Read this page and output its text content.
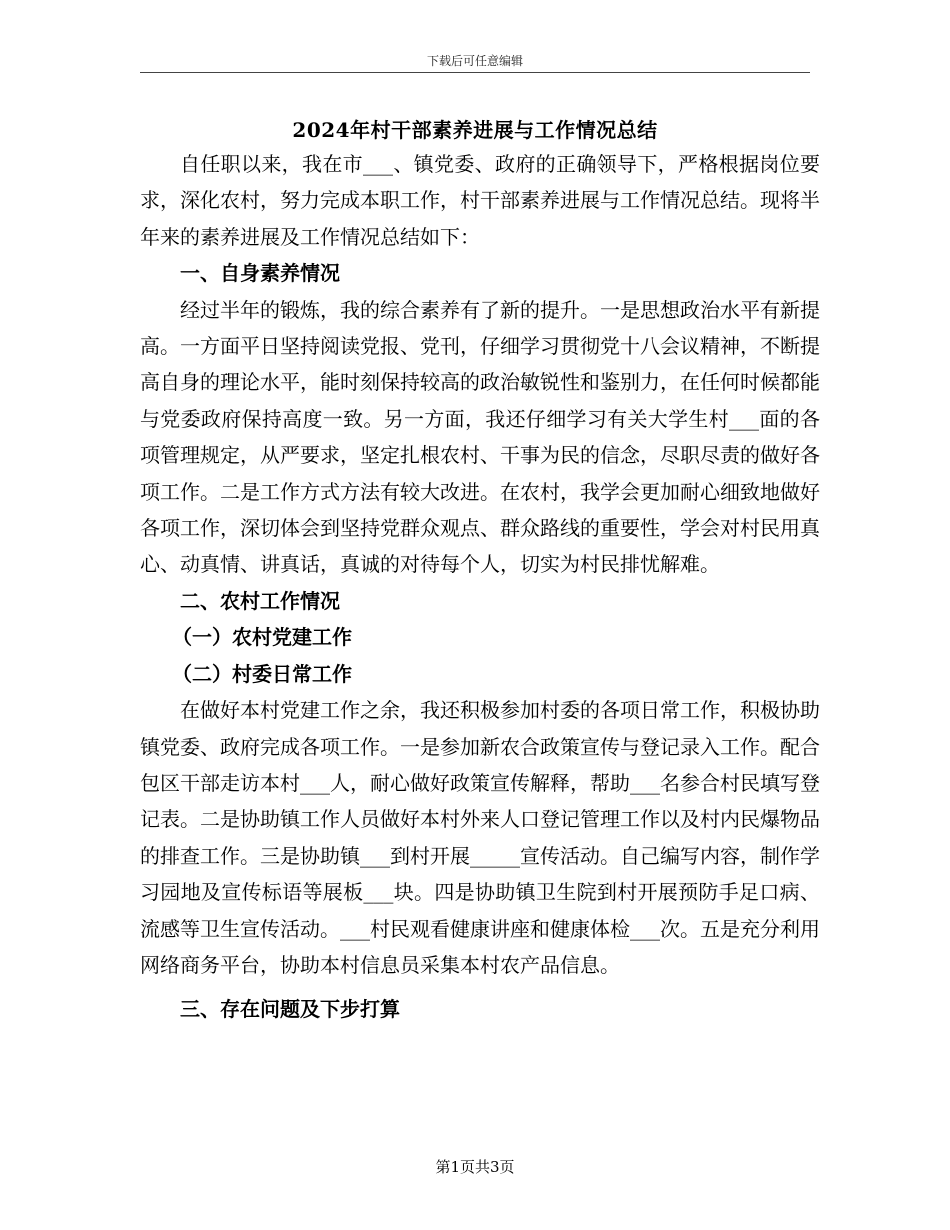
下载后可任意编辑
2024年村干部素养进展与工作情况总结

自任职以来，我在市___、镇党委、政府的正确领导下，严格根据岗位要求，深化农村，努力完成本职工作，村干部素养进展与工作情况总结。现将半年来的素养进展及工作情况总结如下：

一、自身素养情况

经过半年的锻炼，我的综合素养有了新的提升。一是思想政治水平有新提高。一方面平日坚持阅读党报、党刊，仔细学习贯彻党十八会议精神，不断提高自身的理论水平，能时刻保持较高的政治敏锐性和鉴别力，在任何时候都能与党委政府保持高度一致。另一方面，我还仔细学习有关大学生村___面的各项管理规定，从严要求，坚定扎根农村、干事为民的信念，尽职尽责的做好各项工作。二是工作方式方法有较大改进。在农村，我学会更加耐心细致地做好各项工作，深切体会到坚持党群众观点、群众路线的重要性，学会对村民用真心、动真情、讲真话，真诚的对待每个人，切实为村民排忧解难。

二、农村工作情况

（一）农村党建工作

（二）村委日常工作

在做好本村党建工作之余，我还积极参加村委的各项日常工作，积极协助镇党委、政府完成各项工作。一是参加新农合政策宣传与登记录入工作。配合包区干部走访本村___人，耐心做好政策宣传解释，帮助___名参合村民填写登记表。二是协助镇工作人员做好本村外来人口登记管理工作以及村内民爆物品的排查工作。三是协助镇___到村开展_____宣传活动。自己编写内容，制作学习园地及宣传标语等展板___块。四是协助镇卫生院到村开展预防手足口病、流感等卫生宣传活动。___村民观看健康讲座和健康体检___次。五是充分利用网络商务平台，协助本村信息员采集本村农产品信息。

三、存在问题及下步打算

第1页共3页
